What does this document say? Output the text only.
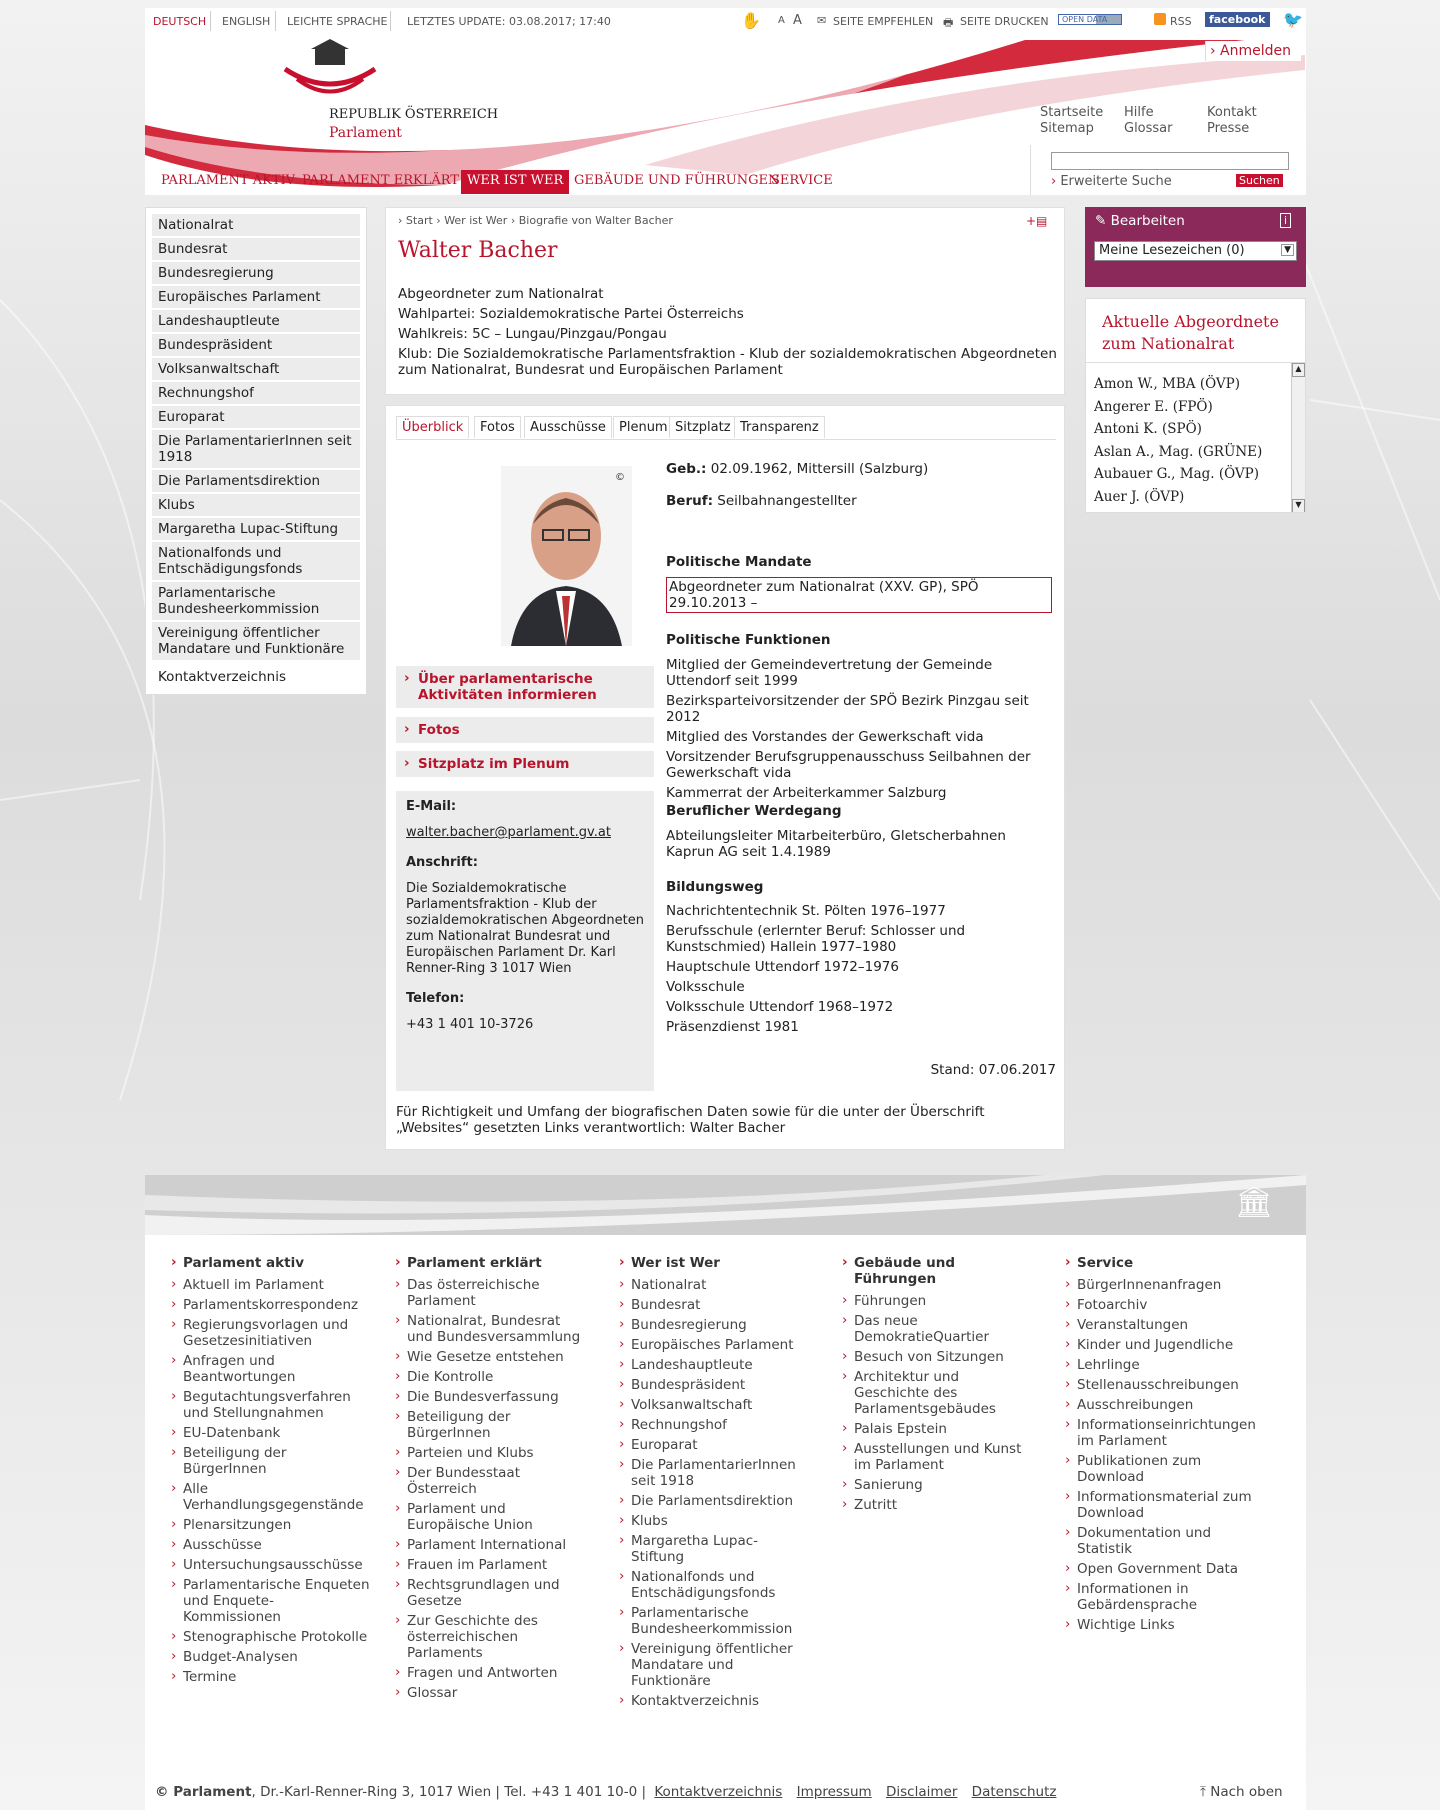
DEUTSCH ENGLISH LEICHTE SPRACHE LETZTES UPDATE: 03.08.2017; 17:40	✋ A A ✉ SEITE EMPFEHLEN 🖶 SEITE DRUCKEN	OPEN DATA	RSS	facebook 🐦
REPUBLIK ÖSTERREICH
Parlament
› Anmelden
Startseite Hilfe	Kontakt
Sitemap Glossar	Presse
PARLAMENT AKTIV PARLAMENT ERKLÄRT WER IST WER GEBÄUDE UND FÜHRUNGEN
SERVICE	› Erweiterte Suche	Suchen
Nationalrat
Bundesrat
Bundesregierung
Europäisches Parlament
Landeshauptleute
Bundespräsident
Volksanwaltschaft
Rechnungshof
Europarat
Die ParlamentarierInnen seit 1918
Die Parlamentsdirektion
Klubs
Margaretha Lupac-Stiftung
Nationalfonds und Entschädigungsfonds
Parlamentarische Bundesheerkommission
Vereinigung öffentlicher Mandatare und Funktionäre
Kontaktverzeichnis
› Start › Wer ist Wer › Biografie von Walter Bacher	+▤
Walter Bacher
Abgeordneter zum Nationalrat
Wahlpartei: Sozialdemokratische Partei Österreichs
Wahlkreis: 5C – Lungau/Pinzgau/Pongau
Klub: Die Sozialdemokratische Parlamentsfraktion - Klub der sozialdemokratischen Abgeordneten zum Nationalrat, Bundesrat und Europäischen Parlament
Überblick	Fotos	Ausschüsse	Plenum Sitzplatz Transparenz
©
› Über parlamentarische Aktivitäten informieren
› Fotos
› Sitzplatz im Plenum
E-Mail:
walter.bacher@parlament.gv.at
Anschrift:
Die Sozialdemokratische Parlamentsfraktion - Klub der sozialdemokratischen Abgeordneten zum Nationalrat Bundesrat und Europäischen Parlament Dr. Karl Renner-Ring 3 1017 Wien
Telefon:
+43 1 401 10-3726
Geb.: 02.09.1962, Mittersill (Salzburg)
Beruf: Seilbahnangestellter
Politische Mandate
Abgeordneter zum Nationalrat (XXV. GP), SPÖ 29.10.2013 –
Politische Funktionen
Mitglied der Gemeindevertretung der Gemeinde Uttendorf seit 1999
Bezirksparteivorsitzender der SPÖ Bezirk Pinzgau seit 2012
Mitglied des Vorstandes der Gewerkschaft vida
Vorsitzender Berufsgruppenausschuss Seilbahnen der Gewerkschaft vida
Kammerrat der Arbeiterkammer Salzburg
Beruflicher Werdegang
Abteilungsleiter Mitarbeiterbüro, Gletscherbahnen Kaprun AG seit 1.4.1989
Bildungsweg
Nachrichtentechnik St. Pölten 1976–1977
Berufsschule (erlernter Beruf: Schlosser und Kunstschmied) Hallein 1977–1980
Hauptschule Uttendorf 1972–1976
Volksschule
Volksschule Uttendorf 1968–1972
Präsenzdienst 1981
Stand: 07.06.2017
Für Richtigkeit und Umfang der biografischen Daten sowie für die unter der Überschrift „Websites“ gesetzten Links verantwortlich: Walter Bacher
✎ Bearbeiten	i
Meine Lesezeichen (0)	▼
Aktuelle Abgeordnete zum Nationalrat
Amon W., MBA (ÖVP)
Angerer E. (FPÖ)
Antoni K. (SPÖ)
Aslan A., Mag. (GRÜNE)
Aubauer G., Mag. (ÖVP)
Auer J. (ÖVP)
▲
▼
🏛
› Parlament aktiv
› Aktuell im Parlament
› Parlamentskorrespondenz
› Regierungsvorlagen und Gesetzesinitiativen
› Anfragen und Beantwortungen
› Begutachtungsverfahren und Stellungnahmen
› EU-Datenbank
› Beteiligung der BürgerInnen
› Alle Verhandlungsgegenstände
› Plenarsitzungen
› Ausschüsse
› Untersuchungsausschüsse
› Parlamentarische Enqueten und Enquete-Kommissionen
› Stenographische Protokolle
› Budget-Analysen
› Termine
› Parlament erklärt
› Das österreichische Parlament
› Nationalrat, Bundesrat und Bundesversammlung
› Wie Gesetze entstehen
› Die Kontrolle
› Die Bundesverfassung
› Beteiligung der BürgerInnen
› Parteien und Klubs
› Der Bundesstaat Österreich
› Parlament und Europäische Union
› Parlament International
› Frauen im Parlament
› Rechtsgrundlagen und Gesetze
› Zur Geschichte des österreichischen Parlaments
› Fragen und Antworten
› Glossar
› Wer ist Wer
› Nationalrat
› Bundesrat
› Bundesregierung
› Europäisches Parlament
› Landeshauptleute
› Bundespräsident
› Volksanwaltschaft
› Rechnungshof
› Europarat
› Die ParlamentarierInnen seit 1918
› Die Parlamentsdirektion
› Klubs
› Margaretha Lupac-Stiftung
› Nationalfonds und Entschädigungsfonds
› Parlamentarische Bundesheerkommission
› Vereinigung öffentlicher Mandatare und Funktionäre
› Kontaktverzeichnis
› Gebäude und Führungen
› Führungen
› Das neue DemokratieQuartier
› Besuch von Sitzungen
› Architektur und Geschichte des Parlamentsgebäudes
› Palais Epstein
› Ausstellungen und Kunst im Parlament
› Sanierung
› Zutritt
› Service
› BürgerInnenanfragen
› Fotoarchiv
› Veranstaltungen
› Kinder und Jugendliche
› Lehrlinge
› Stellenausschreibungen
› Ausschreibungen
› Informationseinrichtungen im Parlament
› Publikationen zum Download
› Informationsmaterial zum Download
› Dokumentation und Statistik
› Open Government Data
› Informationen in Gebärdensprache
› Wichtige Links
© Parlament, Dr.-Karl-Renner-Ring 3, 1017 Wien | Tel. +43 1 401 10-0 | Kontaktverzeichnis Impressum Disclaimer Datenschutz	⤒ Nach oben
